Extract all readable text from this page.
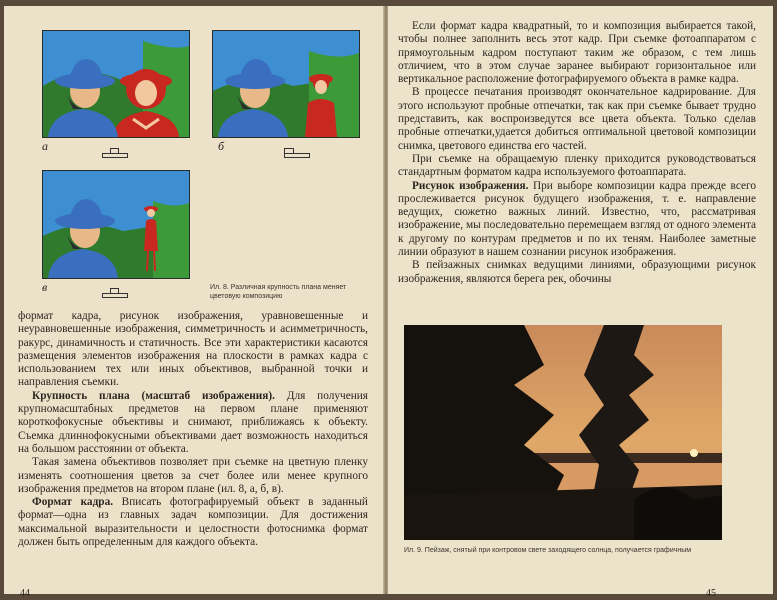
а	б
в	Ил. 8. Различная крупность плана меняет цветовую композицию

формат кадра, рисунок изображения, уравновешенные и неуравновешенные изображения, симметричность и асимметричность, ракурс, динамичность и статичность. Все эти характеристики касаются размещения элементов изображения на плоскости в рамках кадра с использованием тех или иных объективов, выбранной точки и направления съемки.

Крупность плана (масштаб изображения). Для получения крупномасштабных предметов на первом плане применяют короткофокусные объективы и снимают, приближаясь к объекту. Съемка длиннофокусными объективами дает возможность находиться на большом расстоянии от объекта.

Такая замена объективов позволяет при съемке на цветную пленку изменять соотношения цветов за счет более или менее крупного изображения предметов на втором плане (ил. 8, а, б, в).

Формат кадра. Вписать фотографируемый объект в заданный формат—одна из главных задач композиции. Для достижения максимальной выразительности и целостности фотоснимка формат должен быть определенным для каждого объекта.

44

Если формат кадра квадратный, то и композиция выбирается такой, чтобы полнее заполнить весь этот кадр. При съемке фотоаппаратом с прямоугольным кадром поступают таким же образом, с тем лишь отличием, что в этом случае заранее выбирают горизонтальное или вертикальное расположение фотографируемого объекта в рамке кадра.

В процессе печатания производят окончательное кадрирование. Для этого используют пробные отпечатки, так как при съемке бывает трудно представить, как воспроизведутся все цвета объекта. Только сделав пробные отпечатки,удается добиться оптимальной цветовой композиции снимка, цветового единства его частей.

При съемке на обращаемую пленку приходится руководствоваться стандартным форматом кадра используемого фотоаппарата.

Рисунок изображения. При выборе композиции кадра прежде всего прослеживается рисунок будущего изображения, т. е. направление ведущих, сюжетно важных линий. Известно, что, рассматривая изображение, мы последовательно перемещаем взгляд от одного элемента к другому по контурам предметов и по их теням. Наиболее заметные линии образуют в нашем сознании рисунок изображения.

В пейзажных снимках ведущими линиями, образующими рисунок изображения, являются берега рек, обочины

Ил. 9. Пейзаж, снятый при контровом свете заходящего солнца, получается графичным
45
